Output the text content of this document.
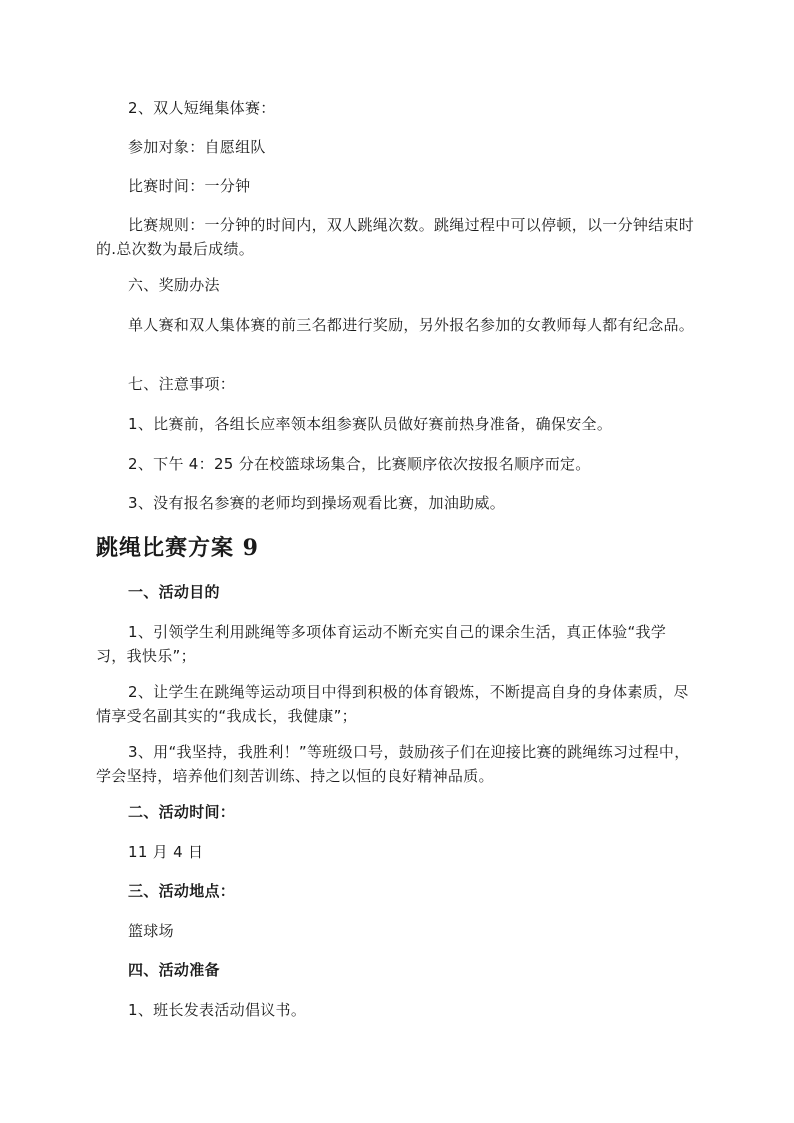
2、双人短绳集体赛：

参加对象：自愿组队

比赛时间：一分钟

比赛规则：一分钟的时间内，双人跳绳次数。跳绳过程中可以停顿，以一分钟结束时的.总次数为最后成绩。

六、奖励办法

单人赛和双人集体赛的前三名都进行奖励，另外报名参加的女教师每人都有纪念品。

七、注意事项：

1、比赛前，各组长应率领本组参赛队员做好赛前热身准备，确保安全。

2、下午 4：25 分在校篮球场集合，比赛顺序依次按报名顺序而定。

3、没有报名参赛的老师均到操场观看比赛，加油助威。

跳绳比赛方案 9

一、活动目的

1、引领学生利用跳绳等多项体育运动不断充实自己的课余生活，真正体验“我学习，我快乐”；

2、让学生在跳绳等运动项目中得到积极的体育锻炼，不断提高自身的身体素质，尽情享受名副其实的“我成长，我健康”；

3、用“我坚持，我胜利！”等班级口号，鼓励孩子们在迎接比赛的跳绳练习过程中，学会坚持，培养他们刻苦训练、持之以恒的良好精神品质。

二、活动时间：

11 月 4 日

三、活动地点：

篮球场

四、活动准备

1、班长发表活动倡议书。
